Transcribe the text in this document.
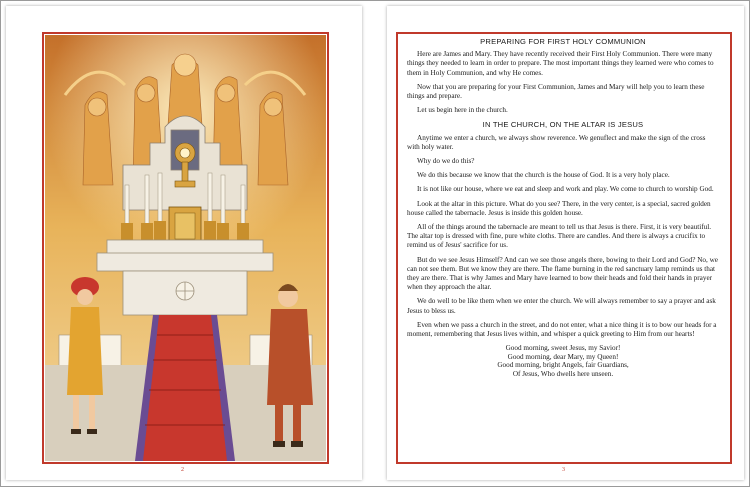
2
PREPARING FOR FIRST HOLY COMMUNION

Here are James and Mary. They have recently received their First Holy Communion. There were many things they needed to learn in order to prepare. The most important things they learned were who comes to them in Holy Communion, and why He comes.

Now that you are preparing for your First Communion, James and Mary will help you to learn these things and prepare.

Let us begin here in the church.

IN THE CHURCH, ON THE ALTAR IS JESUS

Anytime we enter a church, we always show reverence. We genuflect and make the sign of the cross with holy water.

Why do we do this?

We do this because we know that the church is the house of God. It is a very holy place.

It is not like our house, where we eat and sleep and work and play. We come to church to worship God.

Look at the altar in this picture. What do you see? There, in the very center, is a special, sacred golden house called the tabernacle. Jesus is inside this golden house.

All of the things around the tabernacle are meant to tell us that Jesus is there. First, it is very beautiful. The altar top is dressed with fine, pure white cloths. There are candles. And there is always a crucifix to remind us of Jesus' sacrifice for us.

But do we see Jesus Himself? And can we see those angels there, bowing to their Lord and God? No, we can not see them. But we know they are there. The flame burning in the red sanctuary lamp reminds us that they are there. That is why James and Mary have learned to bow their heads and fold their hands in prayer when they approach the altar.

We do well to be like them when we enter the church. We will always remember to say a prayer and ask Jesus to bless us.

Even when we pass a church in the street, and do not enter, what a nice thing it is to bow our heads for a moment, remembering that Jesus lives within, and whisper a quick greeting to Him from our hearts!

Good morning, sweet Jesus, my Savior!
Good morning, dear Mary, my Queen!
Good morning, bright Angels, fair Guardians,
Of Jesus, Who dwells here unseen.
3
